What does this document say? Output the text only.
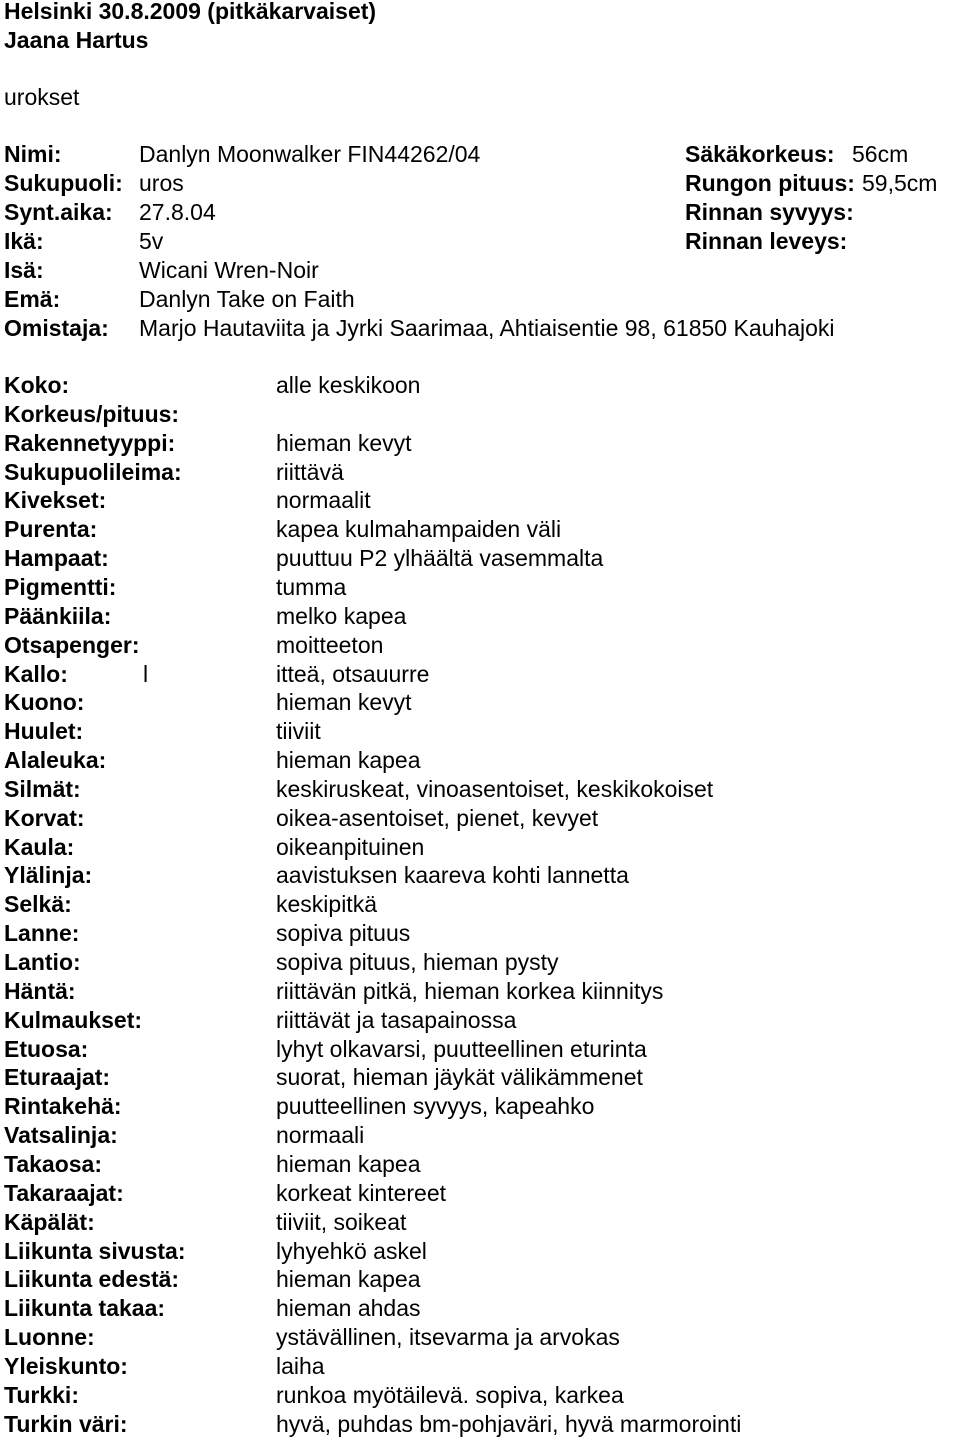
Helsinki 30.8.2009 (pitkäkarvaiset)
Jaana Hartus
urokset
Nimi:	Danlyn Moonwalker FIN44262/04
Sukupuoli: uros
Synt.aika: 27.8.04
Ikä:	5v
Isä:	Wicani Wren-Noir
Emä:	Danlyn Take on Faith
Omistaja: Marjo Hautaviita ja Jyrki Saarimaa, Ahtiaisentie 98, 61850 Kauhajoki
Säkäkorkeus: 56cm
Rungon pituus: 59,5cm
Rinnan syvyys:
Rinnan leveys:
Koko:	alle keskikoon
Korkeus/pituus:
Rakennetyyppi:	hieman kevyt
Sukupuolileima:	riittävä
Kivekset:	normaalit
Purenta:	kapea kulmahampaiden väli
Hampaat:	puuttuu P2 ylhäältä vasemmalta
Pigmentti:	tumma
Päänkiila:	melko kapea
Otsapenger:	moitteeton
Kallo:	l	itteä, otsauurre
Kuono:	hieman kevyt
Huulet:	tiiviit
Alaleuka:	hieman kapea
Silmät:	keskiruskeat, vinoasentoiset, keskikokoiset
Korvat:	oikea-asentoiset, pienet, kevyet
Kaula:	oikeanpituinen
Ylälinja:	aavistuksen kaareva kohti lannetta
Selkä:	keskipitkä
Lanne:	sopiva pituus
Lantio:	sopiva pituus, hieman pysty
Häntä:	riittävän pitkä, hieman korkea kiinnitys
Kulmaukset:	riittävät ja tasapainossa
Etuosa:	lyhyt olkavarsi, puutteellinen eturinta
Eturaajat:	suorat, hieman jäykät välikämmenet
Rintakehä:	puutteellinen syvyys, kapeahko
Vatsalinja:	normaali
Takaosa:	hieman kapea
Takaraajat:	korkeat kintereet
Käpälät:	tiiviit, soikeat
Liikunta sivusta:	lyhyehkö askel
Liikunta edestä:	hieman kapea
Liikunta takaa:	hieman ahdas
Luonne:	ystävällinen, itsevarma ja arvokas
Yleiskunto:	laiha
Turkki:	runkoa myötäilevä. sopiva, karkea
Turkin väri:	hyvä, puhdas bm-pohjaväri, hyvä marmorointi
